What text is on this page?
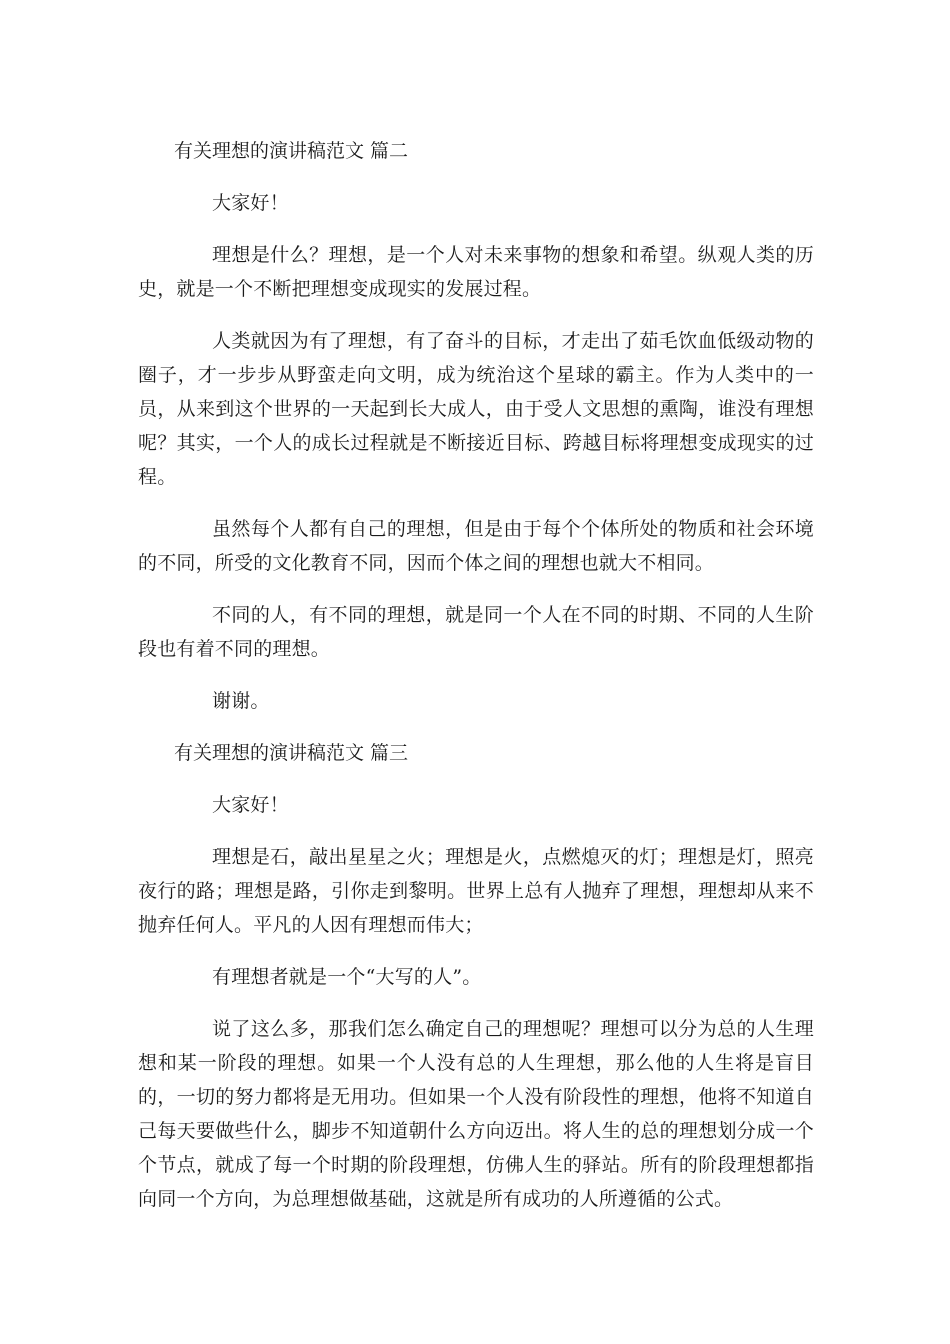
有关理想的演讲稿范文 篇二

大家好！

理想是什么？理想，是一个人对未来事物的想象和希望。纵观人类的历史，就是一个不断把理想变成现实的发展过程。

人类就因为有了理想，有了奋斗的目标，才走出了茹毛饮血低级动物的圈子，才一步步从野蛮走向文明，成为统治这个星球的霸主。作为人类中的一员，从来到这个世界的一天起到长大成人，由于受人文思想的熏陶，谁没有理想呢？其实，一个人的成长过程就是不断接近目标、跨越目标将理想变成现实的过程。

虽然每个人都有自己的理想，但是由于每个个体所处的物质和社会环境的不同，所受的文化教育不同，因而个体之间的理想也就大不相同。

不同的人，有不同的理想，就是同一个人在不同的时期、不同的人生阶段也有着不同的理想。

谢谢。

有关理想的演讲稿范文 篇三

大家好！

理想是石，敲出星星之火；理想是火，点燃熄灭的灯；理想是灯，照亮夜行的路；理想是路，引你走到黎明。世界上总有人抛弃了理想，理想却从来不抛弃任何人。平凡的人因有理想而伟大；

有理想者就是一个“大写的人”。

说了这么多，那我们怎么确定自己的理想呢？理想可以分为总的人生理想和某一阶段的理想。如果一个人没有总的人生理想，那么他的人生将是盲目的，一切的努力都将是无用功。但如果一个人没有阶段性的理想，他将不知道自己每天要做些什么，脚步不知道朝什么方向迈出。将人生的总的理想划分成一个个节点，就成了每一个时期的阶段理想，仿佛人生的驿站。所有的阶段理想都指向同一个方向，为总理想做基础，这就是所有成功的人所遵循的公式。
